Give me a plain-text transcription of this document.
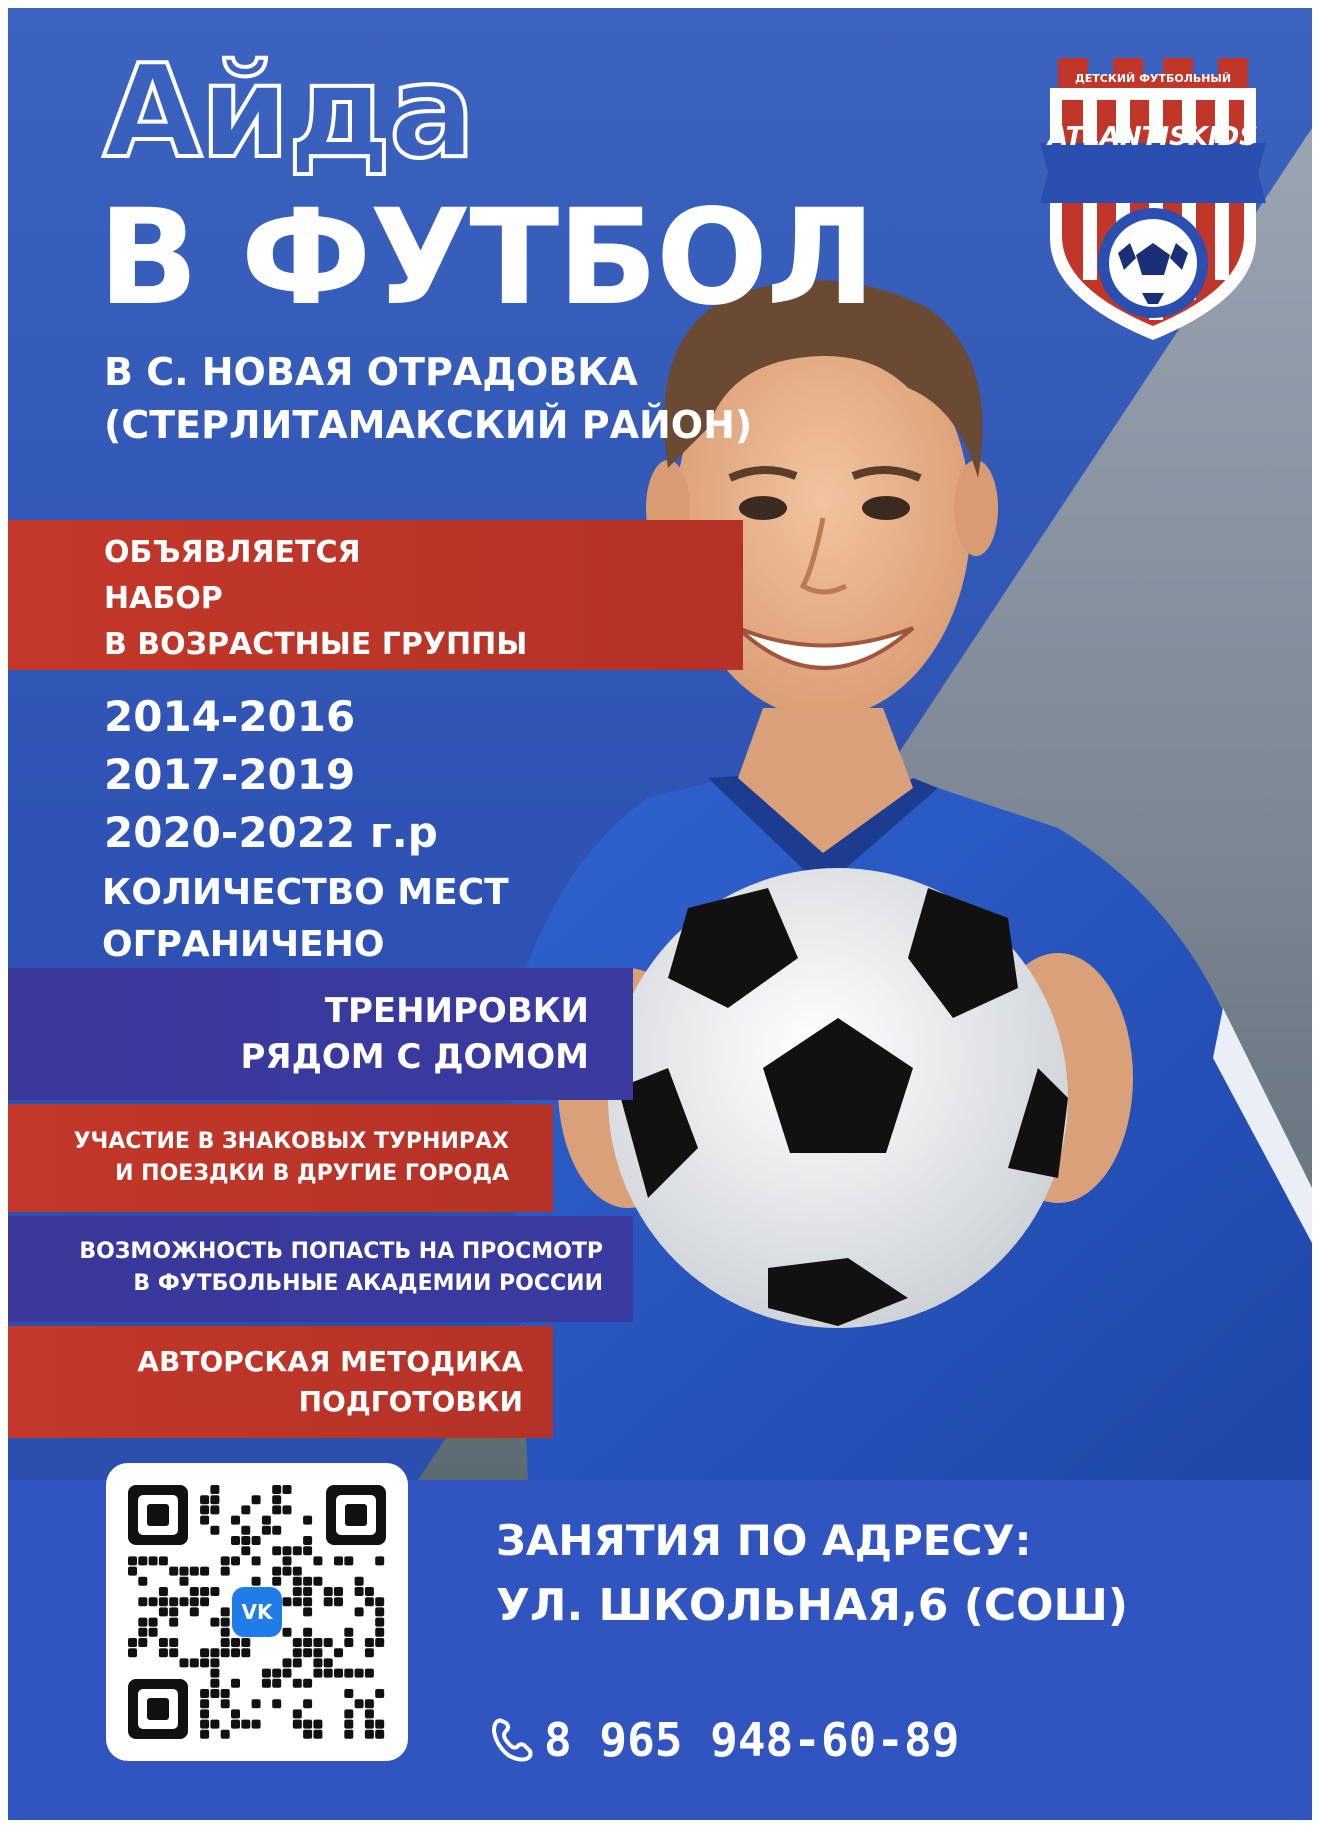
Айда
В ФУТБОЛ
ДЕТСКИЙ ФУТБОЛЬНЫЙ КЛУБ
ATLANTISKIDS
В С. НОВАЯ ОТРАДОВКА
(СТЕРЛИТАМАКСКИЙ РАЙОН)
ОБЪЯВЛЯЕТСЯ
НАБОР
В ВОЗРАСТНЫЕ ГРУППЫ
2014-2016
2017-2019
2020-2022 г.р
КОЛИЧЕСТВО МЕСТ
ОГРАНИЧЕНО
ТРЕНИРОВКИ
РЯДОМ С ДОМОМ
УЧАСТИЕ В ЗНАКОВЫХ ТУРНИРАХ
И ПОЕЗДКИ В ДРУГИЕ ГОРОДА
ВОЗМОЖНОСТЬ ПОПАСТЬ НА ПРОСМОТР
В ФУТБОЛЬНЫЕ АКАДЕМИИ РОССИИ
АВТОРСКАЯ МЕТОДИКА
ПОДГОТОВКИ
VK
ЗАНЯТИЯ ПО АДРЕСУ:
УЛ. ШКОЛЬНАЯ,6 (СОШ)
8 965 948-60-89
